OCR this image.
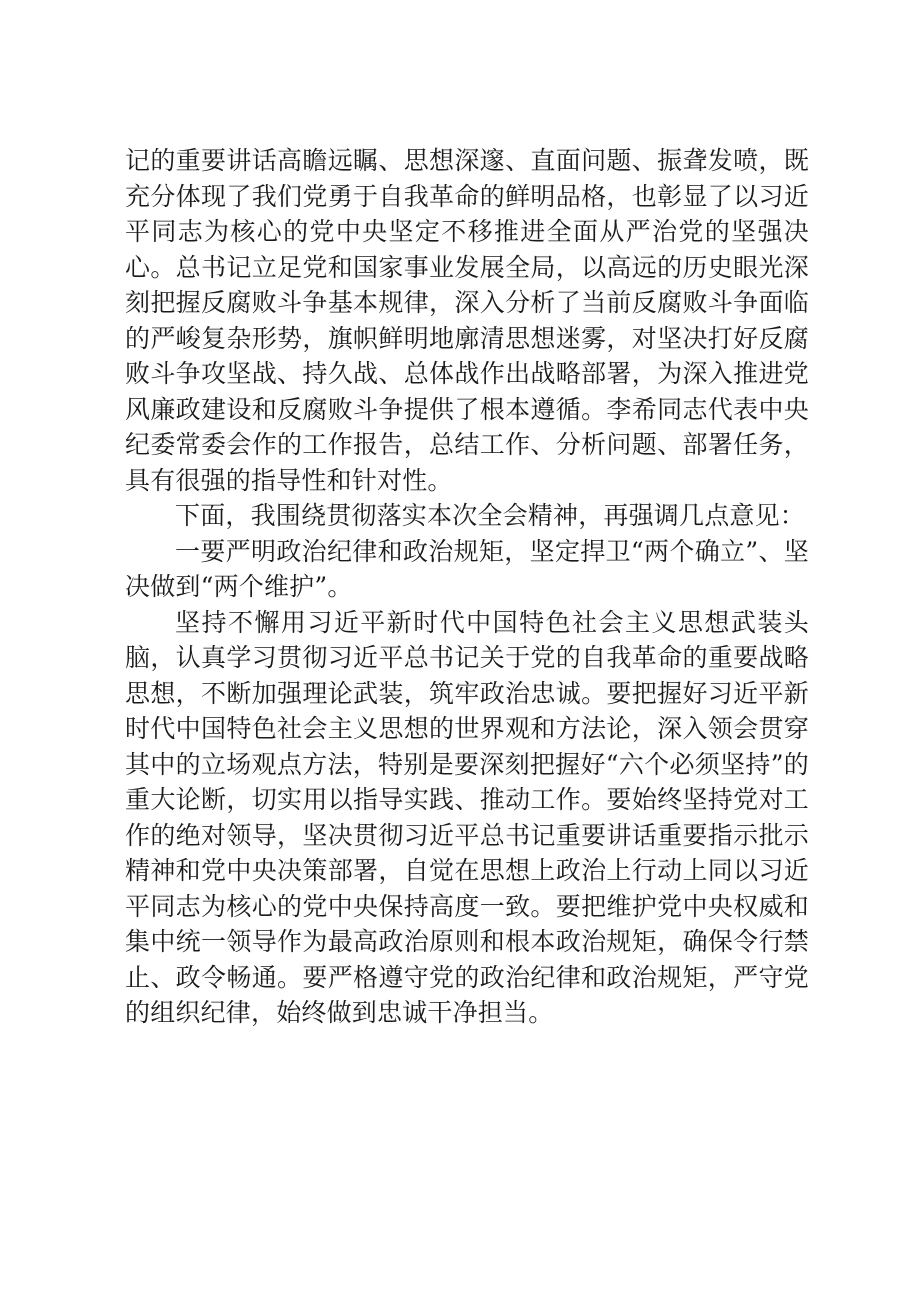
记的重要讲话高瞻远瞩、思想深邃、直面问题、振聋发喷，既充分体现了我们党勇于自我革命的鲜明品格，也彰显了以习近平同志为核心的党中央坚定不移推进全面从严治党的坚强决心。总书记立足党和国家事业发展全局，以高远的历史眼光深刻把握反腐败斗争基本规律，深入分析了当前反腐败斗争面临的严峻复杂形势，旗帜鲜明地廓清思想迷雾，对坚决打好反腐败斗争攻坚战、持久战、总体战作出战略部署，为深入推进党风廉政建设和反腐败斗争提供了根本遵循。李希同志代表中央纪委常委会作的工作报告，总结工作、分析问题、部署任务，具有很强的指导性和针对性。

下面，我围绕贯彻落实本次全会精神，再强调几点意见：

一要严明政治纪律和政治规矩，坚定捍卫“两个确立”、坚决做到“两个维护”。

坚持不懈用习近平新时代中国特色社会主义思想武装头脑，认真学习贯彻习近平总书记关于党的自我革命的重要战略思想，不断加强理论武装，筑牢政治忠诚。要把握好习近平新时代中国特色社会主义思想的世界观和方法论，深入领会贯穿其中的立场观点方法，特别是要深刻把握好“六个必须坚持”的重大论断，切实用以指导实践、推动工作。要始终坚持党对工作的绝对领导，坚决贯彻习近平总书记重要讲话重要指示批示精神和党中央决策部署，自觉在思想上政治上行动上同以习近平同志为核心的党中央保持高度一致。要把维护党中央权威和集中统一领导作为最高政治原则和根本政治规矩，确保令行禁止、政令畅通。要严格遵守党的政治纪律和政治规矩，严守党的组织纪律，始终做到忠诚干净担当。
